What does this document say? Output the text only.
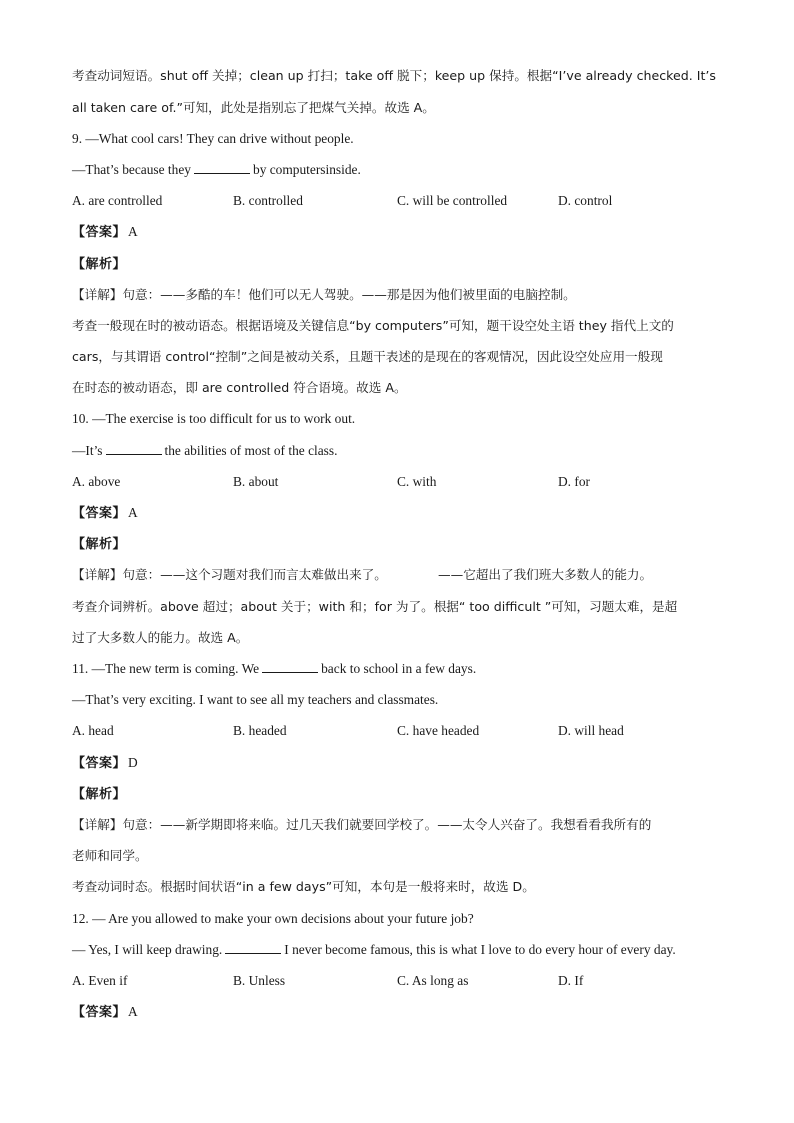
考查动词短语。shut off 关掉；clean up 打扫；take off 脱下；keep up 保持。根据“I’ve already checked. It’s
all taken care of.”可知，此处是指别忘了把煤气关掉。故选 A。
9. —What cool cars! They can drive without people.
—That’s because they	by computersinside.
A. are controlled	B. controlled	C. will be controlled	D. control
【答案】 A
【解析】
【详解】句意：——多酷的车！他们可以无人驾驶。——那是因为他们被里面的电脑控制。
考查一般现在时的被动语态。根据语境及关键信息“by computers”可知，题干设空处主语 they 指代上文的
cars，与其谓语 control“控制”之间是被动关系，且题干表述的是现在的客观情况，因此设空处应用一般现
在时态的被动语态，即 are controlled 符合语境。故选 A。
10. —The exercise is too difficult for us to work out.
—It’s	the abilities of most of the class.
A. above	B. about	C. with	D. for
【答案】 A
【解析】
【详解】句意：——这个习题对我们而言太难做出来了。	——它超出了我们班大多数人的能力。
考查介词辨析。above 超过；about 关于；with 和；for 为了。根据“ too difficult ”可知，习题太难，是超
过了大多数人的能力。故选 A。
11. —The new term is coming. We	back to school in a few days.
—That’s very exciting. I want to see all my teachers and classmates.
A. head	B. headed	C. have headed	D. will head
【答案】 D
【解析】
【详解】句意：——新学期即将来临。过几天我们就要回学校了。——太令人兴奋了。我想看看我所有的
老师和同学。
考查动词时态。根据时间状语“in a few days”可知，本句是一般将来时，故选 D。
12. — Are you allowed to make your own decisions about your future job?
— Yes, I will keep drawing.	I never become famous, this is what I love to do every hour of every day.
A. Even if	B. Unless	C. As long as	D. If
【答案】 A
